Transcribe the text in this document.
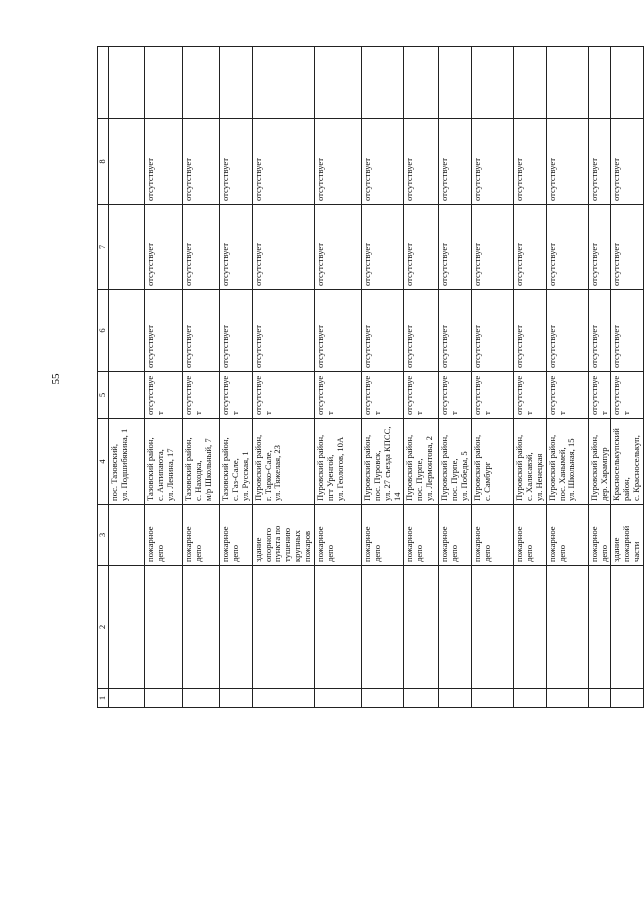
55
1	2	3	4	5	6	7	8	
			пос. Тазовский,
ул. Подшибякина, 1					
		пожарное депо	Тазовский район,
с. Антипаюта,
ул. Ленина, 17	отсутствует	отсутствует	отсутствует	отсутствует	
		пожарное депо	Тазовский район,
с. Находка,
м/р Школьный, 7	отсутствует	отсутствует	отсутствует	отсутствует	
		пожарное депо	Тазовский район,
с. Газ-Сале,
ул. Русская, 1	отсутствует	отсутствует	отсутствует	отсутствует	
		здание опорного пункта по тушению крупных пожаров	Пуровский район,
г. Тарко-Сале,
ул. Тяжелая, 23	отсутствует	отсутствует	отсутствует	отсутствует	
		пожарное депо	Пуровский район,
пгт Уренгой,
ул. Геологов, 10А	отсутствует	отсутствует	отсутствует	отсутствует	
		пожарное депо	Пуровский район,
пос. Пуровск,
ул. 27 съезда КПСС,
14	отсутствует	отсутствует	отсутствует	отсутствует	
		пожарное депо	Пуровский район,
пос. Пурпе,
ул. Лермонтова, 2	отсутствует	отсутствует	отсутствует	отсутствует	
		пожарное депо	Пуровский район,
пос. Пурпе,
ул. Победы, 5	отсутствует	отсутствует	отсутствует	отсутствует	
		пожарное депо	Пуровский район,
с. Самбург	отсутствует	отсутствует	отсутствует	отсутствует	
		пожарное депо	Пуровский район,
с. Халясавэй,
ул. Ненецкая	отсутствует	отсутствует	отсутствует	отсутствует	
		пожарное депо	Пуровский район,
пос. Ханымей,
ул. Школьная, 15	отсутствует	отсутствует	отсутствует	отсутствует	
		пожарное депо	Пуровский район,
дер. Харампур	отсутствует	отсутствует	отсутствует	отсутствует	
		здание пожарной части	Красноселькупский район,
с. Красноселькуп,	отсутствует	отсутствует	отсутствует	отсутствует	
